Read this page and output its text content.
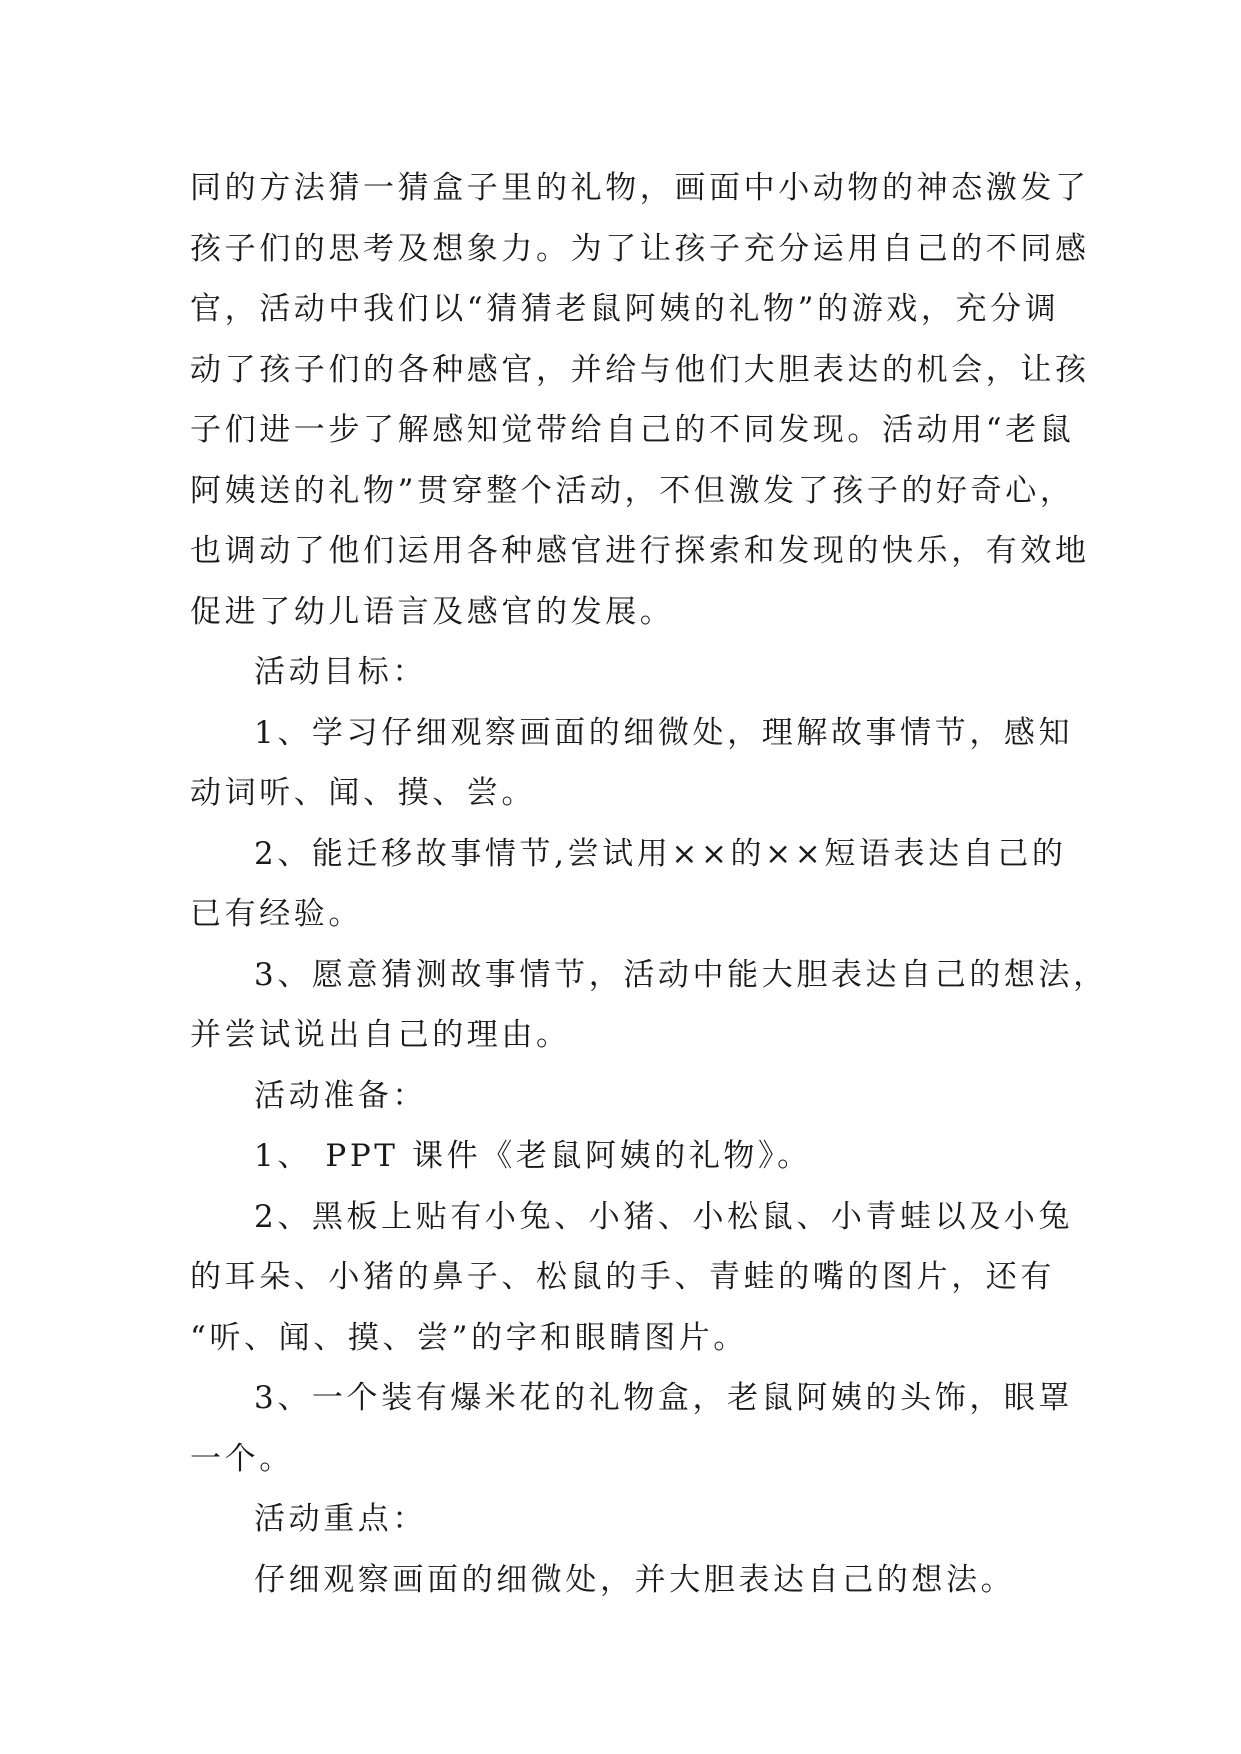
同的方法猜一猜盒子里的礼物，画面中小动物的神态激发了
孩子们的思考及想象力。为了让孩子充分运用自己的不同感
官，活动中我们以“猜猜老鼠阿姨的礼物”的游戏，充分调
动了孩子们的各种感官，并给与他们大胆表达的机会，让孩
子们进一步了解感知觉带给自己的不同发现。活动用“老鼠
阿姨送的礼物”贯穿整个活动，不但激发了孩子的好奇心，
也调动了他们运用各种感官进行探索和发现的快乐，有效地
促进了幼儿语言及感官的发展。
活动目标：
1、学习仔细观察画面的细微处，理解故事情节，感知
动词听、闻、摸、尝。
2、能迁移故事情节,尝试用××的××短语表达自己的
已有经验。
3、愿意猜测故事情节，活动中能大胆表达自己的想法，
并尝试说出自己的理由。
活动准备：
1、 PPT 课件《老鼠阿姨的礼物》。
2、黑板上贴有小兔、小猪、小松鼠、小青蛙以及小兔
的耳朵、小猪的鼻子、松鼠的手、青蛙的嘴的图片，还有
“听、闻、摸、尝”的字和眼睛图片。
3、一个装有爆米花的礼物盒，老鼠阿姨的头饰，眼罩
一个。
活动重点：
仔细观察画面的细微处，并大胆表达自己的想法。
